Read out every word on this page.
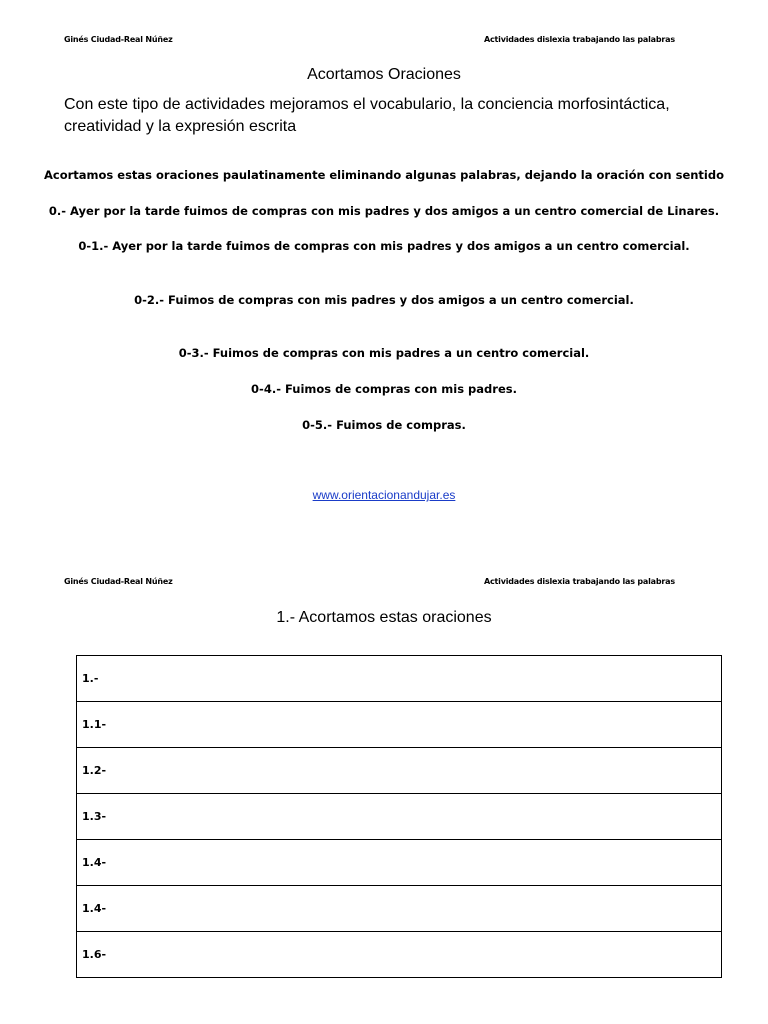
Ginés Ciudad-Real Núñez	Actividades dislexia trabajando las palabras
Acortamos Oraciones
Con este tipo de actividades mejoramos el vocabulario, la conciencia morfosintáctica, creatividad y la expresión escrita
Acortamos estas oraciones paulatinamente eliminando algunas palabras, dejando la oración con sentido
0.- Ayer por la tarde fuimos de compras con mis padres y dos amigos a un centro comercial de Linares.
0-1.- Ayer por la tarde fuimos de compras con mis padres y dos amigos a un centro comercial.
0-2.- Fuimos de compras con mis padres y dos amigos a un centro comercial.
0-3.- Fuimos de compras con mis padres a un centro comercial.
0-4.- Fuimos de compras con mis padres.
0-5.- Fuimos de compras.
www.orientacionandujar.es
Ginés Ciudad-Real Núñez	Actividades dislexia trabajando las palabras
1.- Acortamos estas oraciones
1.-
1.1-
1.2-
1.3-
1.4-
1.4-
1.6-
